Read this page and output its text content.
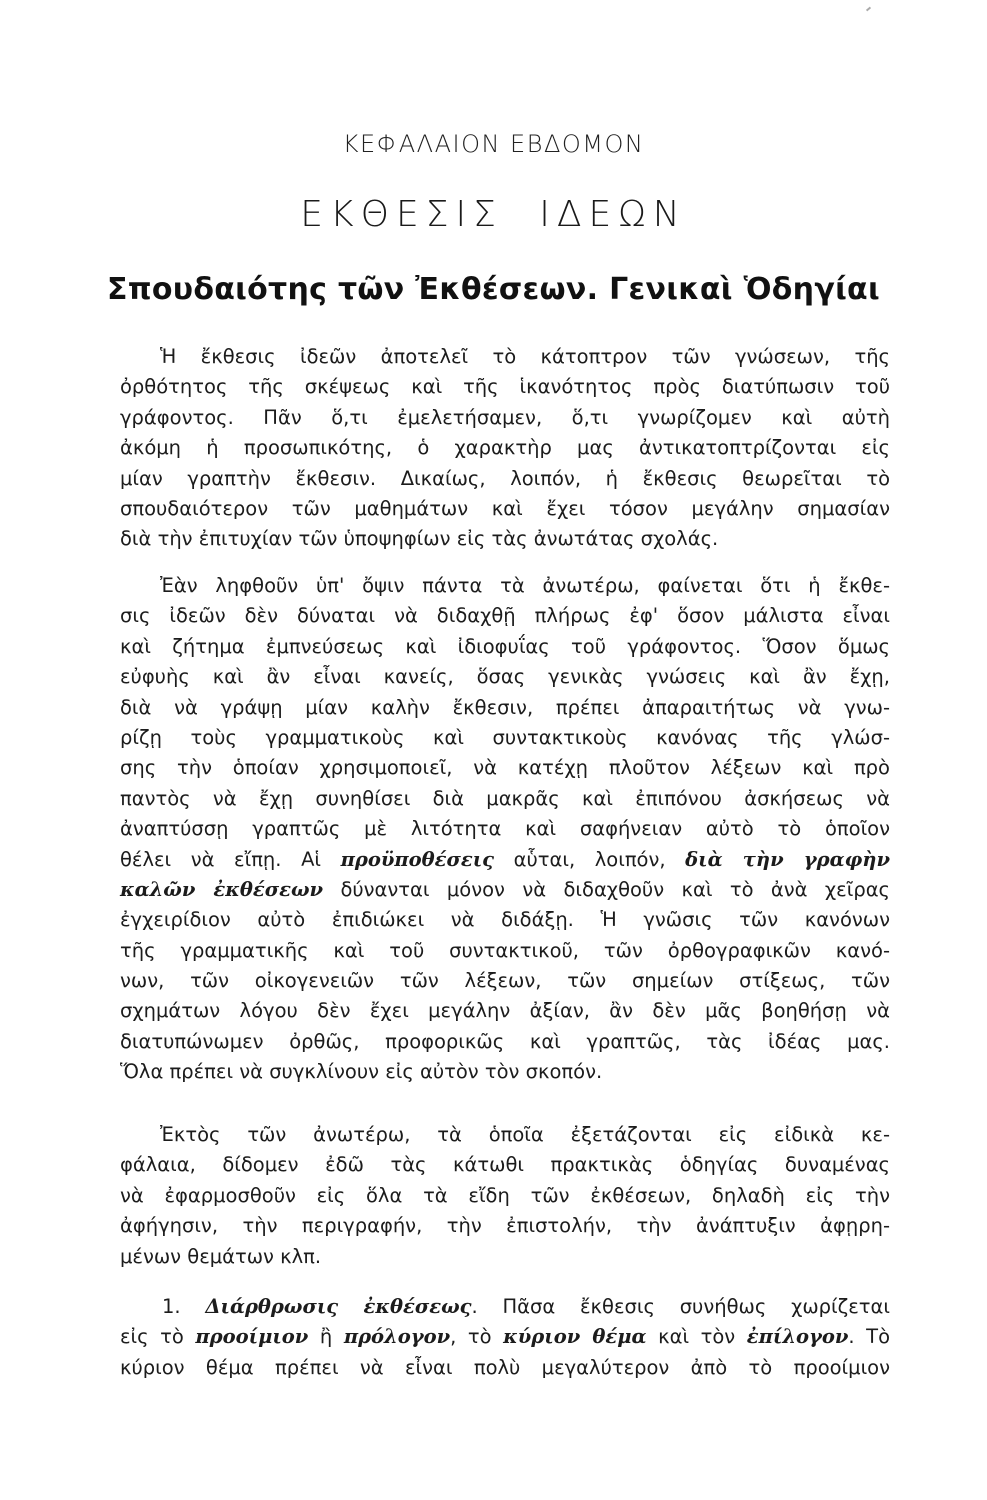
ΚΕΦΑΛΑΙΟΝ ΕΒΔΟΜΟΝ
ΕΚΘΕΣΙΣ ΙΔΕΩΝ
Σπουδαιότης τῶν Ἐκθέσεων. Γενικαὶ Ὁδηγίαι
Ἡ ἔκθεσις ἰδεῶν ἀποτελεῖ τὸ κάτοπτρον τῶν γνώσεων, τῆς
ὀρθότητος τῆς σκέψεως καὶ τῆς ἱκανότητος πρὸς διατύπωσιν τοῦ
γράφοντος. Πᾶν ὅ,τι ἐμελετήσαμεν, ὅ,τι γνωρίζομεν καὶ αὐτὴ
ἀκόμη ἡ προσωπικότης, ὁ χαρακτὴρ μας ἀντικατοπτρίζονται εἰς
μίαν γραπτὴν ἔκθεσιν. Δικαίως, λοιπόν, ἡ ἔκθεσις θεωρεῖται τὸ
σπουδαιότερον τῶν μαθημάτων καὶ ἔχει τόσον μεγάλην σημασίαν
διὰ τὴν ἐπιτυχίαν τῶν ὑποψηφίων εἰς τὰς ἀνωτάτας σχολάς.
Ἐὰν ληφθοῦν ὑπ' ὄψιν πάντα τὰ ἀνωτέρω, φαίνεται ὅτι ἡ ἔκθε-
σις ἰδεῶν δὲν δύναται νὰ διδαχθῇ πλήρως ἐφ' ὅσον μάλιστα εἶναι
καὶ ζήτημα ἐμπνεύσεως καὶ ἰδιοφυΐας τοῦ γράφοντος. Ὅσον ὅμως
εὐφυὴς καὶ ἂν εἶναι κανείς, ὅσας γενικὰς γνώσεις καὶ ἂν ἔχῃ,
διὰ νὰ γράψῃ μίαν καλὴν ἔκθεσιν, πρέπει ἀπαραιτήτως νὰ γνω-
ρίζῃ τοὺς γραμματικοὺς καὶ συντακτικοὺς κανόνας τῆς γλώσ-
σης τὴν ὁποίαν χρησιμοποιεῖ, νὰ κατέχῃ πλοῦτον λέξεων καὶ πρὸ
παντὸς νὰ ἔχῃ συνηθίσει διὰ μακρᾶς καὶ ἐπιπόνου ἀσκήσεως νὰ
ἀναπτύσσῃ γραπτῶς μὲ λιτότητα καὶ σαφήνειαν αὐτὸ τὸ ὁποῖον
θέλει νὰ εἴπῃ. Αἱ προϋποθέσεις αὗται, λοιπόν, διὰ τὴν γραφὴν
καλῶν ἐκθέσεων δύνανται μόνον νὰ διδαχθοῦν καὶ τὸ ἀνὰ χεῖρας
ἐγχειρίδιον αὐτὸ ἐπιδιώκει νὰ διδάξῃ. Ἡ γνῶσις τῶν κανόνων
τῆς γραμματικῆς καὶ τοῦ συντακτικοῦ, τῶν ὀρθογραφικῶν κανό-
νων, τῶν οἰκογενειῶν τῶν λέξεων, τῶν σημείων στίξεως, τῶν
σχημάτων λόγου δὲν ἔχει μεγάλην ἀξίαν, ἂν δὲν μᾶς βοηθήσῃ νὰ
διατυπώνωμεν ὀρθῶς, προφορικῶς καὶ γραπτῶς, τὰς ἰδέας μας.
Ὅλα πρέπει νὰ συγκλίνουν εἰς αὐτὸν τὸν σκοπόν.
Ἐκτὸς τῶν ἀνωτέρω, τὰ ὁποῖα ἐξετάζονται εἰς εἰδικὰ κε-
φάλαια, δίδομεν ἐδῶ τὰς κάτωθι πρακτικὰς ὁδηγίας δυναμένας
νὰ ἐφαρμοσθοῦν εἰς ὅλα τὰ εἴδη τῶν ἐκθέσεων, δηλαδὴ εἰς τὴν
ἀφήγησιν, τὴν περιγραφήν, τὴν ἐπιστολήν, τὴν ἀνάπτυξιν ἀφῃρη-
μένων θεμάτων κλπ.
1. Διάρθρωσις ἐκθέσεως. Πᾶσα ἔκθεσις συνήθως χωρίζεται
εἰς τὸ προοίμιον ἢ πρόλογον, τὸ κύριον θέμα καὶ τὸν ἐπίλογον. Τὸ
κύριον θέμα πρέπει νὰ εἶναι πολὺ μεγαλύτερον ἀπὸ τὸ προοίμιον
